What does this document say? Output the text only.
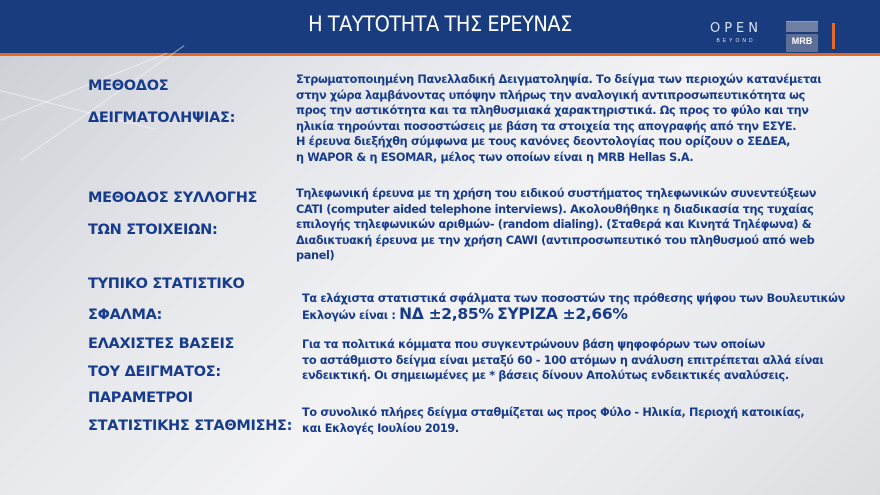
Η ΤΑΥΤΟΤΗΤΑ ΤΗΣ ΕΡΕΥΝΑΣ	OPEN
BEYOND	MRB
ΜΕΘΟΔΟΣ
ΔΕΙΓΜΑΤΟΛΗΨΙΑΣ:
ΜΕΘΟΔΟΣ ΣΥΛΛΟΓΗΣ
ΤΩΝ ΣΤΟΙΧΕΙΩΝ:
ΤΥΠΙΚΟ ΣΤΑΤΙΣΤΙΚΟ
ΣΦΑΛΜΑ:
ΕΛΑΧΙΣΤΕΣ ΒΑΣΕΙΣ
ΤΟΥ ΔΕΙΓΜΑΤΟΣ:
ΠΑΡΑΜΕΤΡΟΙ
ΣΤΑΤΙΣΤΙΚΗΣ ΣΤΑΘΜΙΣΗΣ:
Στρωματοποιημένη Πανελλαδική Δειγματοληψία. Το δείγμα των περιοχών κατανέμεται
στην χώρα λαμβάνοντας υπόψην πλήρως την αναλογική αντιπροσωπευτικότητα ως
προς την αστικότητα και τα πληθυσμιακά χαρακτηριστικά. Ως προς το φύλο και την
ηλικία τηρούνται ποσοστώσεις με βάση τα στοιχεία της απογραφής από την ΕΣΥΕ.
Η έρευνα διεξήχθη σύμφωνα με τους κανόνες δεοντολογίας που ορίζουν ο ΣΕΔΕΑ,
η WAPOR & η ESOMAR, μέλος των οποίων είναι η MRB Hellas S.A.
Τηλεφωνική έρευνα με τη χρήση του ειδικού συστήματος τηλεφωνικών συνεντεύξεων
CATI (computer aided telephone interviews). Ακολουθήθηκε η διαδικασία της τυχαίας
επιλογής τηλεφωνικών αριθμών- (random dialing). (Σταθερά και Κινητά Τηλέφωνα) &
Διαδικτυακή έρευνα με την χρήση CAWI (αντιπροσωπευτικό του πληθυσμού από web
panel)
Τα ελάχιστα στατιστικά σφάλματα των ποσοστών της πρόθεσης ψήφου των Βουλευτικών
Εκλογών είναι : ΝΔ ±2,85% ΣΥΡΙΖΑ ±2,66%
Για τα πολιτικά κόμματα που συγκεντρώνουν βάση ψηφοφόρων των οποίων
το αστάθμιστο δείγμα είναι μεταξύ 60 - 100 ατόμων η ανάλυση επιτρέπεται αλλά είναι
ενδεικτική. Οι σημειωμένες με * βάσεις δίνουν Απολύτως ενδεικτικές αναλύσεις.
Το συνολικό πλήρες δείγμα σταθμίζεται ως προς Φύλο - Ηλικία, Περιοχή κατοικίας,
και Εκλογές Ιουλίου 2019.
